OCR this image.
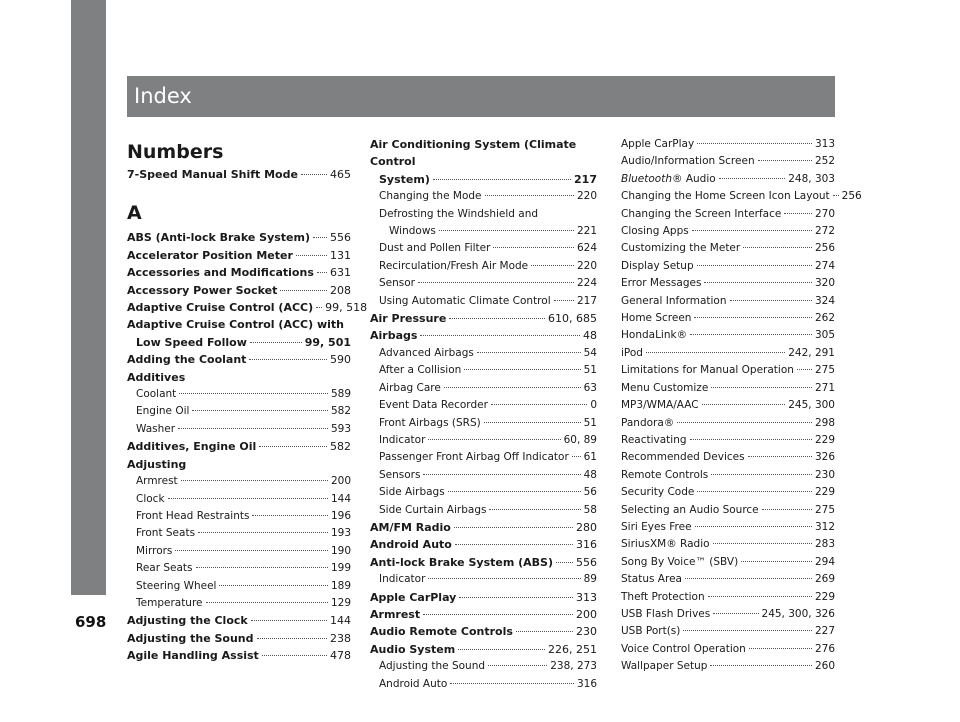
Index
698
Index
Numbers
7-Speed Manual Shift Mode	465
A
ABS (Anti-lock Brake System) 556
Accelerator Position Meter	131
Accessories and Modifications 631
Accessory Power Socket	208
Adaptive Cruise Control (ACC) 99, 518
Adaptive Cruise Control (ACC) with
Low Speed Follow	99, 501
Adding the Coolant	590
Additives
Coolant	589
Engine Oil	582
Washer	593
Additives, Engine Oil	582
Adjusting
Armrest	200
Clock	144
Front Head Restraints	196
Front Seats	193
Mirrors	190
Rear Seats	199
Steering Wheel	189
Temperature	129
Adjusting the Clock	144
Adjusting the Sound	238
Agile Handling Assist	478
Air Conditioning System (Climate Control
System)	217
Changing the Mode	220
Defrosting the Windshield and
Windows	221
Dust and Pollen Filter	624
Recirculation/Fresh Air Mode	220
Sensor	224
Using Automatic Climate Control	217
Air Pressure	610, 685
Airbags	48
Advanced Airbags	54
After a Collision	51
Airbag Care	63
Event Data Recorder	0
Front Airbags (SRS)	51
Indicator	60, 89
Passenger Front Airbag Off Indicator 61
Sensors	48
Side Airbags	56
Side Curtain Airbags	58
AM/FM Radio	280
Android Auto	316
Anti-lock Brake System (ABS) 556
Indicator	89
Apple CarPlay	313
Armrest	200
Audio Remote Controls	230
Audio System	226, 251
Adjusting the Sound	238, 273
Android Auto	316
Apple CarPlay	313
Audio/Information Screen	252
Bluetooth® Audio	248, 303
Changing the Home Screen Icon Layout 256
Changing the Screen Interface	270
Closing Apps	272
Customizing the Meter	256
Display Setup	274
Error Messages	320
General Information	324
Home Screen	262
HondaLink®	305
iPod	242, 291
Limitations for Manual Operation 275
Menu Customize	271
MP3/WMA/AAC	245, 300
Pandora®	298
Reactivating	229
Recommended Devices	326
Remote Controls	230
Security Code	229
Selecting an Audio Source	275
Siri Eyes Free	312
SiriusXM® Radio	283
Song By Voice™ (SBV)	294
Status Area	269
Theft Protection	229
USB Flash Drives	245, 300, 326
USB Port(s)	227
Voice Control Operation	276
Wallpaper Setup	260
